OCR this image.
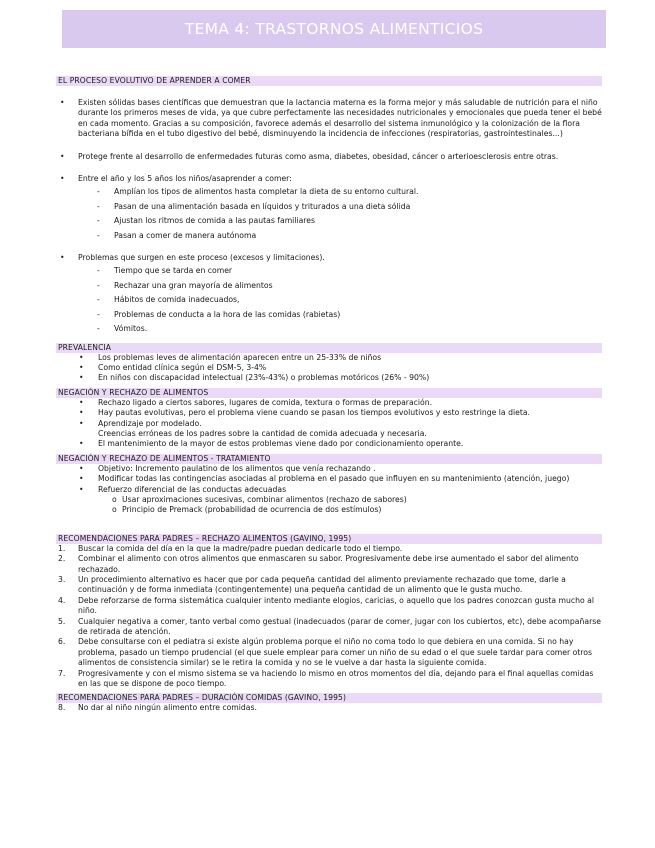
TEMA 4: TRASTORNOS ALIMENTICIOS
EL PROCESO EVOLUTIVO DE APRENDER A COMER
•	Existen sólidas bases científicas que demuestran que la lactancia materna es la forma mejor y más saludable de nutrición para el niño durante los primeros meses de vida, ya que cubre perfectamente las necesidades nutricionales y emocionales que pueda tener el bebé en cada momento. Gracias a su composición, favorece además el desarrollo del sistema inmunológico y la colonización de la flora bacteriana bífida en el tubo digestivo del bebé, disminuyendo la incidencia de infecciones (respiratorias, gastrointestinales...)
•	Protege frente al desarrollo de enfermedades futuras como asma, diabetes, obesidad, cáncer o arterioesclerosis entre otras.
•	Entre el año y los 5 años los niños/asaprender a comer:
-	Amplían los tipos de alimentos hasta completar la dieta de su entorno cultural.
-	Pasan de una alimentación basada en líquidos y triturados a una dieta sólida
-	Ajustan los ritmos de comida a las pautas familiares
-	Pasan a comer de manera autónoma
•	Problemas que surgen en este proceso (excesos y limitaciones).
-	Tiempo que se tarda en comer
-	Rechazar una gran mayoría de alimentos
-	Hábitos de comida inadecuados,
-	Problemas de conducta a la hora de las comidas (rabietas)
-	Vómitos.
PREVALENCIA
•	Los problemas leves de alimentación aparecen entre un 25-33% de niños
•	Como entidad clínica según el DSM-5, 3-4%
•	En niños con discapacidad intelectual (23%-43%) o problemas motóricos (26% - 90%)
NEGACIÓN Y RECHAZO DE ALIMENTOS
•	Rechazo ligado a ciertos sabores, lugares de comida, textura o formas de preparación.
•	Hay pautas evolutivas, pero el problema viene cuando se pasan los tiempos evolutivos y esto restringe la dieta.
•	Aprendizaje por modelado.
Creencias erróneas de los padres sobre la cantidad de comida adecuada y necesaria.
•	El mantenimiento de la mayor de estos problemas viene dado por condicionamiento operante.
NEGACIÓN Y RECHAZO DE ALIMENTOS - TRATAMIENTO
•	Objetivo: Incremento paulatino de los alimentos que venía rechazando .
•	Modificar todas las contingencias asociadas al problema en el pasado que influyen en su mantenimiento (atención, juego)
•	Refuerzo diferencial de las conductas adecuadas
o Usar aproximaciones sucesivas, combinar alimentos (rechazo de sabores)
o Principio de Premack (probabilidad de ocurrencia de dos estímulos)
RECOMENDACIONES PARA PADRES – RECHAZO ALIMENTOS (GAVINO, 1995)
1.	Buscar la comida del día en la que la madre/padre puedan dedicarle todo el tiempo.
2.	Combinar el alimento con otros alimentos que enmascaren su sabor. Progresivamente debe irse aumentado el sabor del alimento rechazado.
3.	Un procedimiento alternativo es hacer que por cada pequeña cantidad del alimento previamente rechazado que tome, darle a continuación y de forma inmediata (contingentemente) una pequeña cantidad de un alimento que le gusta mucho.
4.	Debe reforzarse de forma sistemática cualquier intento mediante elogios, caricias, o aquello que los padres conozcan gusta mucho al niño.
5.	Cualquier negativa a comer, tanto verbal como gestual (inadecuados (parar de comer, jugar con los cubiertos, etc), debe acompañarse de retirada de atención.
6.	Debe consultarse con el pediatra si existe algún problema porque el niño no coma todo lo que debiera en una comida. Si no hay problema, pasado un tiempo prudencial (el que suele emplear para comer un niño de su edad o el que suele tardar para comer otros alimentos de consistencia similar) se le retira la comida y no se le vuelve a dar hasta la siguiente comida.
7.	Progresivamente y con el mismo sistema se va haciendo lo mismo en otros momentos del día, dejando para el final aquellas comidas en las que se dispone de poco tiempo.
RECOMENDACIONES PARA PADRES – DURACIÓN COMIDAS (GAVINO, 1995)
8.	No dar al niño ningún alimento entre comidas.
